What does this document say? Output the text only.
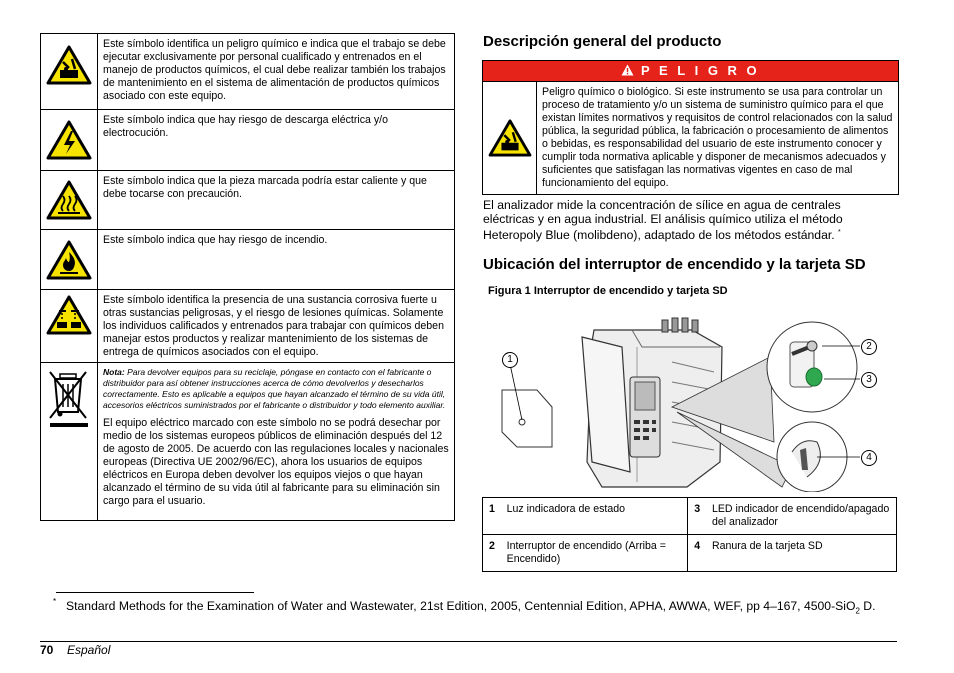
	Este símbolo identifica un peligro químico e indica que el trabajo se debe ejecutar exclusivamente por personal cualificado y entrenados en el manejo de productos químicos, el cual debe realizar también los trabajos de mantenimiento en el sistema de alimentación de productos químicos asociado con este equipo.

	Este símbolo indica que hay riesgo de descarga eléctrica y/o electrocución.

	Este símbolo indica que la pieza marcada podría estar caliente y que debe tocarse con precaución.

	Este símbolo indica que hay riesgo de incendio.

	Este símbolo identifica la presencia de una sustancia corrosiva fuerte u otras sustancias peligrosas, y el riesgo de lesiones químicas. Solamente los individuos calificados y entrenados para trabajar con químicos deben manejar estos productos y realizar mantenimiento de los sistemas de entrega de químicos asociados con el equipo.

Nota: Para devolver equipos para su reciclaje, póngase en contacto con el fabricante o distribuidor para así obtener instrucciones acerca de cómo devolverlos y desecharlos correctamente. Esto es aplicable a equipos que hayan alcanzado el término de su vida útil, accesorios eléctricos suministrados por el fabricante o distribuidor y todo elemento auxiliar.
El equipo eléctrico marcado con este símbolo no se podrá desechar por medio de los sistemas europeos públicos de eliminación después del 12 de agosto de 2005. De acuerdo con las regulaciones locales y nacionales europeas (Directiva UE 2002/96/EC), ahora los usuarios de equipos eléctricos en Europa deben devolver los equipos viejos o que hayan alcanzado el término de su vida útil al fabricante para su eliminación sin cargo para el usuario.
Descripción general del producto
P E L I G R O
Peligro químico o biológico. Si este instrumento se usa para controlar un proceso de tratamiento y/o un sistema de suministro químico para el que existan límites normativos y requisitos de control relacionados con la salud pública, la seguridad pública, la fabricación o procesamiento de alimentos o bebidas, es responsabilidad del usuario de este instrumento conocer y cumplir toda normativa aplicable y disponer de mecanismos adecuados y suficientes que satisfagan las normativas vigentes en caso de mal funcionamiento del equipo.
El analizador mide la concentración de sílice en agua de centrales eléctricas y en agua industrial. El análisis químico utiliza el método Heteropoly Blue (molibdeno), adaptado de los métodos estándar. *
Ubicación del interruptor de encendido y la tarjeta SD
Figura 1 Interruptor de encendido y tarjeta SD
1
2
3
4
1	Luz indicadora de estado	3	LED indicador de encendido/apagado del analizador
2	Interruptor de encendido (Arriba = Encendido)	4	Ranura de la tarjeta SD
* Standard Methods for the Examination of Water and Wastewater, 21st Edition, 2005, Centennial Edition, APHA, AWWA, WEF, pp 4–167, 4500-SiO$_2$ D.
70 Español
